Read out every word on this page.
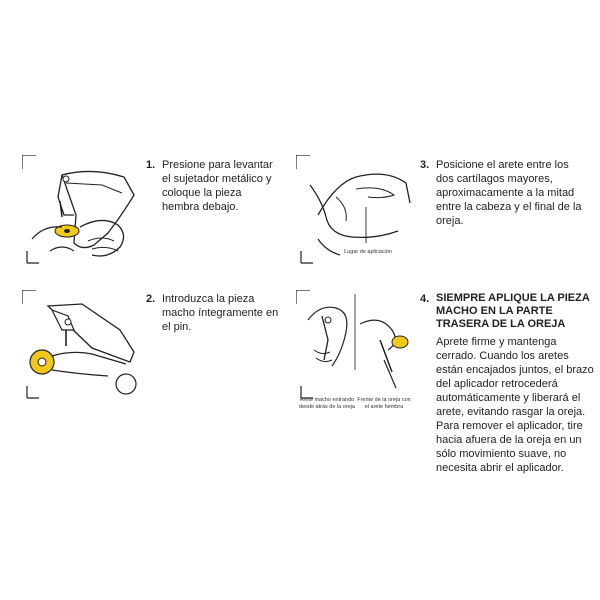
1. Presione para levantar el sujetador metálico y coloque la pieza hembra debajo.
2. Introduzca la pieza macho íntegramente en el pin.
Lugar de aplicación
3. Posicione el arete entre los dos cartílagos mayores, aproximacamente a la mitad entre la cabeza y el final de la oreja.
Arete macho entrando desde atrás de la oreja
Frente de la oreja con el arete hembra
4. SIEMPRE APLIQUE LA PIEZA MACHO EN LA PARTE TRASERA DE LA OREJA
Aprete firme y mantenga cerrado. Cuando los aretes están encajados juntos, el brazo del aplicador retrocederá automáticamente y liberará el arete, evitando rasgar la oreja.
Para remover el aplicador, tire hacia afuera de la oreja en un sólo movimiento suave, no necesita abrir el aplicador.
